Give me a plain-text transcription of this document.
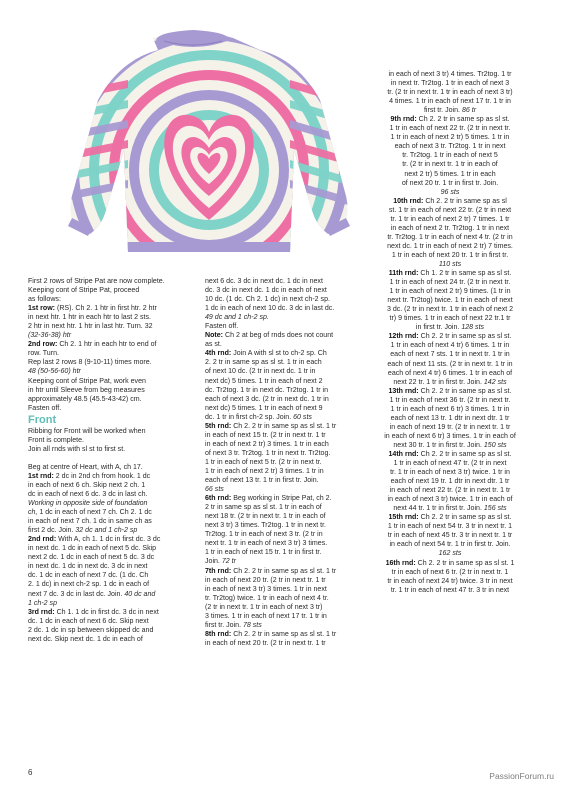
First 2 rows of Stripe Pat are now complete.

Keeping cont of Stripe Pat, proceed

as follows:

1st row: (RS). Ch 2. 1 htr in first htr. 2 htr

in next htr. 1 htr in each htr to last 2 sts.

2 htr in next htr. 1 htr in last htr. Turn. 32

(32-36-38) htr

2nd row: Ch 2. 1 htr in each htr to end of

row. Turn.

Rep last 2 rows 8 (9-10-11) times more.

48 (50-56-60) htr

Keeping cont of Stripe Pat, work even

in htr until Sleeve from beg measures

approximately 48.5 (45.5-43-42) cm.

Fasten off.

Front

Ribbing for Front will be worked when

Front is complete.

Join all rnds with sl st to first st.

Beg at centre of Heart, with A, ch 17.

1st rnd: 2 dc in 2nd ch from hook. 1 dc

in each of next 6 ch. Skip next 2 ch. 1

dc in each of next 6 dc. 3 dc in last ch.

Working in opposite side of foundation

ch, 1 dc in each of next 7 ch. Ch 2. 1 dc

in each of next 7 ch. 1 dc in same ch as

first 2 dc. Join. 32 dc and 1 ch-2 sp

2nd rnd: With A, ch 1. 1 dc in first dc. 3 dc

in next dc. 1 dc in each of next 5 dc. Skip

next 2 dc. 1 dc in each of next 5 dc. 3 dc

in next dc. 1 dc in next dc. 3 dc in next

dc. 1 dc in each of next 7 dc. (1 dc. Ch

2. 1 dc) in next ch-2 sp. 1 dc in each of

next 7 dc. 3 dc in last dc. Join. 40 dc and

1 ch-2 sp

3rd rnd: Ch 1. 1 dc in first dc. 3 dc in next

dc. 1 dc in each of next 6 dc. Skip next

2 dc. 1 dc in sp between skipped dc and

next dc. Skip next dc. 1 dc in each of

next 6 dc. 3 dc in next dc. 1 dc in next

dc. 3 dc in next dc. 1 dc in each of next

10 dc. (1 dc. Ch 2. 1 dc) in next ch-2 sp.

1 dc in each of next 10 dc. 3 dc in last dc.

49 dc and 1 ch-2 sp.

Fasten off.

Note: Ch 2 at beg of rnds does not count

as st.

4th rnd: Join A with sl st to ch-2 sp. Ch

2. 2 tr in same sp as sl st. 1 tr in each

of next 10 dc. (2 tr in next dc. 1 tr in

next dc) 5 times. 1 tr in each of next 2

dc. Tr2tog. 1 tr in next dc. Tr2tog. 1 tr in

each of next 3 dc. (2 tr in next dc. 1 tr in

next dc) 5 times. 1 tr in each of next 9

dc. 1 tr in first ch-2 sp. Join. 60 sts

5th rnd: Ch 2. 2 tr in same sp as sl st. 1 tr

in each of next 15 tr. (2 tr in next tr. 1 tr

in each of next 2 tr) 3 times. 1 tr in each

of next 3 tr. Tr2tog. 1 tr in next tr. Tr2tog.

1 tr in each of next 5 tr. (2 tr in next tr.

1 tr in each of next 2 tr) 3 times. 1 tr in

each of next 13 tr. 1 tr in first tr. Join.

66 sts

6th rnd: Beg working in Stripe Pat, ch 2.

2 tr in same sp as sl st. 1 tr in each of

next 18 tr. (2 tr in next tr. 1 tr in each of

next 3 tr) 3 times. Tr2tog. 1 tr in next tr.

Tr2tog. 1 tr in each of next 3 tr. (2 tr in

next tr. 1 tr in each of next 3 tr) 3 times.

1 tr in each of next 15 tr. 1 tr in first tr.

Join. 72 tr

7th rnd: Ch 2. 2 tr in same sp as sl st. 1 tr

in each of next 20 tr. (2 tr in next tr. 1 tr

in each of next 3 tr) 3 times. 1 tr in next

tr. Tr2tog) twice. 1 tr in each of next 4 tr.

(2 tr in next tr. 1 tr in each of next 3 tr)

3 times. 1 tr in each of next 17 tr. 1 tr in

first tr. Join. 78 sts

8th rnd: Ch 2. 2 tr in same sp as sl st. 1 tr

in each of next 20 tr. (2 tr in next tr. 1 tr

in each of next 3 tr) 4 times. Tr2tog. 1 tr

in next tr. Tr2tog. 1 tr in each of next 3

tr. (2 tr in next tr. 1 tr in each of next 3 tr)

4 times. 1 tr in each of next 17 tr. 1 tr in

first tr. Join. 86 tr

9th rnd: Ch 2. 2 tr in same sp as sl st.

1 tr in each of next 22 tr. (2 tr in next tr.

1 tr in each of next 2 tr) 5 times. 1 tr in

each of next 3 tr. Tr2tog. 1 tr in next

tr. Tr2tog. 1 tr in each of next 5

tr. (2 tr in next tr. 1 tr in each of

next 2 tr) 5 times. 1 tr in each

of next 20 tr. 1 tr in first tr. Join.

96 sts

10th rnd: Ch 2. 2 tr in same sp as sl

st. 1 tr in each of next 22 tr. (2 tr in next

tr. 1 tr in each of next 2 tr) 7 times. 1 tr

in each of next 2 tr. Tr2tog. 1 tr in next

tr. Tr2tog. 1 tr in each of next 4 tr. (2 tr in

next dc. 1 tr in each of next 2 tr) 7 times.

1 tr in each of next 20 tr. 1 tr in first tr.

110 sts

11th rnd: Ch 1. 2 tr in same sp as sl st.

1 tr in each of next 24 tr. (2 tr in next tr.

1 tr in each of next 2 tr) 9 times. (1 tr in

next tr. Tr2tog) twice. 1 tr in each of next

3 dc. (2 tr in next tr. 1 tr in each of next 2

tr) 9 times. 1 tr in each of next 22 tr.1 tr

in first tr. Join. 128 sts

12th rnd: Ch 2. 2 tr in same sp as sl st.

1 tr in each of next 4 tr) 6 times. 1 tr in

each of next 7 sts. 1 tr in next tr. 1 tr in

each of next 11 sts. (2 tr in next tr. 1 tr in

each of next 4 tr) 6 times. 1 tr in each of

next 22 tr. 1 tr in first tr. Join. 142 sts

13th rnd: Ch 2. 2 tr in same sp as sl st.

1 tr in each of next 36 tr. (2 tr in next tr.

1 tr in each of next 6 tr) 3 times. 1 tr in

each of next 13 tr. 1 dtr in next dtr. 1 tr

in each of next 19 tr. (2 tr in next tr. 1 tr

in each of next 6 tr) 3 times. 1 tr in each of

next 30 tr. 1 tr in first tr. Join. 150 sts

14th rnd: Ch 2. 2 tr in same sp as sl st.

1 tr in each of next 47 tr. (2 tr in next

tr. 1 tr in each of next 3 tr) twice. 1 tr in

each of next 19 tr. 1 dtr in next dtr. 1 tr

in each of next 22 tr. (2 tr in next tr. 1 tr

in each of next 3 tr) twice. 1 tr in each of

next 44 tr. 1 tr in first tr. Join. 156 sts

15th rnd: Ch 2. 2 tr in same sp as sl st.

1 tr in each of next 54 tr. 3 tr in next tr. 1

tr in each of next 45 tr. 3 tr in next tr. 1 tr

in each of next 54 tr. 1 tr in first tr. Join.

162 sts

16th rnd: Ch 2. 2 tr in same sp as sl st. 1

tr in each of next 6 tr. (2 tr in next tr. 1

tr in each of next 24 tr) twice. 3 tr in next

tr. 1 tr in each of next 47 tr. 3 tr in next

6	PassionForum.ru
